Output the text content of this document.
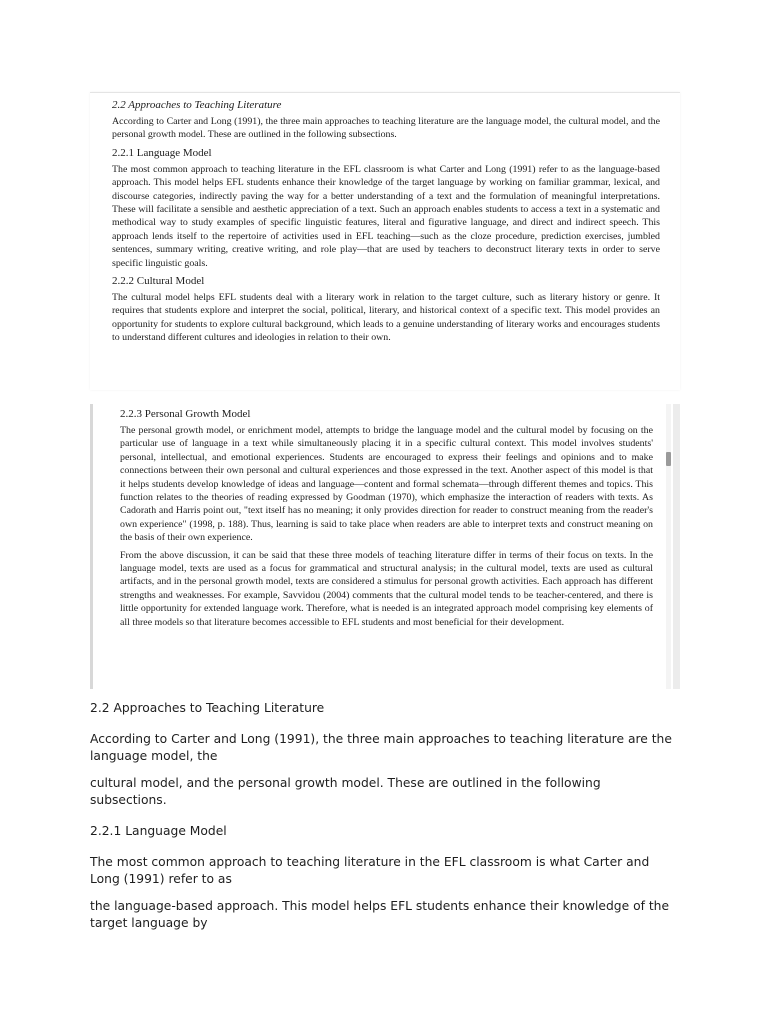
2.2 Approaches to Teaching Literature
According to Carter and Long (1991), the three main approaches to teaching literature are the language model, the cultural model, and the personal growth model. These are outlined in the following subsections.
2.2.1 Language Model
The most common approach to teaching literature in the EFL classroom is what Carter and Long (1991) refer to as the language-based approach. This model helps EFL students enhance their knowledge of the target language by working on familiar grammar, lexical, and discourse categories, indirectly paving the way for a better understanding of a text and the formulation of meaningful interpretations. These will facilitate a sensible and aesthetic appreciation of a text. Such an approach enables students to access a text in a systematic and methodical way to study examples of specific linguistic features, literal and figurative language, and direct and indirect speech. This approach lends itself to the repertoire of activities used in EFL teaching—such as the cloze procedure, prediction exercises, jumbled sentences, summary writing, creative writing, and role play—that are used by teachers to deconstruct literary texts in order to serve specific linguistic goals.
2.2.2 Cultural Model
The cultural model helps EFL students deal with a literary work in relation to the target culture, such as literary history or genre. It requires that students explore and interpret the social, political, literary, and historical context of a specific text. This model provides an opportunity for students to explore cultural background, which leads to a genuine understanding of literary works and encourages students to understand different cultures and ideologies in relation to their own.
2.2.3 Personal Growth Model
The personal growth model, or enrichment model, attempts to bridge the language model and the cultural model by focusing on the particular use of language in a text while simultaneously placing it in a specific cultural context. This model involves students' personal, intellectual, and emotional experiences. Students are encouraged to express their feelings and opinions and to make connections between their own personal and cultural experiences and those expressed in the text. Another aspect of this model is that it helps students develop knowledge of ideas and language—content and formal schemata—through different themes and topics. This function relates to the theories of reading expressed by Goodman (1970), which emphasize the interaction of readers with texts. As Cadorath and Harris point out, "text itself has no meaning; it only provides direction for reader to construct meaning from the reader's own experience" (1998, p. 188). Thus, learning is said to take place when readers are able to interpret texts and construct meaning on the basis of their own experience.
From the above discussion, it can be said that these three models of teaching literature differ in terms of their focus on texts. In the language model, texts are used as a focus for grammatical and structural analysis; in the cultural model, texts are used as cultural artifacts, and in the personal growth model, texts are considered a stimulus for personal growth activities. Each approach has different strengths and weaknesses. For example, Savvidou (2004) comments that the cultural model tends to be teacher-centered, and there is little opportunity for extended language work. Therefore, what is needed is an integrated approach model comprising key elements of all three models so that literature becomes accessible to EFL students and most beneficial for their development.

2.2 Approaches to Teaching Literature

According to Carter and Long (1991), the three main approaches to teaching literature are the language model, the

cultural model, and the personal growth model. These are outlined in the following subsections.

2.2.1 Language Model

The most common approach to teaching literature in the EFL classroom is what Carter and Long (1991) refer to as

the language-based approach. This model helps EFL students enhance their knowledge of the target language by
